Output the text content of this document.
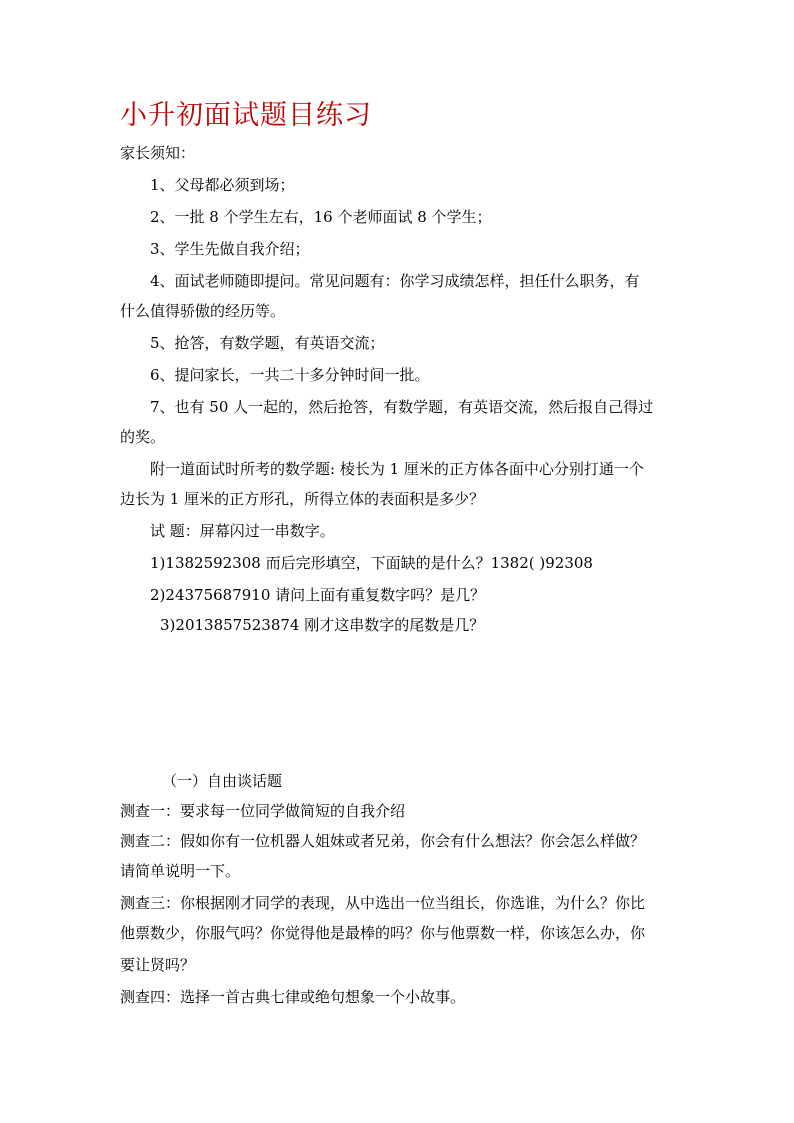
小升初面试题目练习
家长须知：
1、父母都必须到场；
2、一批 8 个学生左右，16 个老师面试 8 个学生；
3、学生先做自我介绍；
4、面试老师随即提问。常见问题有：你学习成绩怎样，担任什么职务，有
什么值得骄傲的经历等。
5、抢答，有数学题，有英语交流；
6、提问家长，一共二十多分钟时间一批。
7、也有 50 人一起的，然后抢答，有数学题，有英语交流，然后报自己得过
的奖。
附一道面试时所考的数学题: 棱长为 1 厘米的正方体各面中心分别打通一个
边长为 1 厘米的正方形孔，所得立体的表面积是多少？
试 题：屏幕闪过一串数字。
1)1382592308 而后完形填空，下面缺的是什么？1382( )92308
2)24375687910 请问上面有重复数字吗？是几？
3)2013857523874 刚才这串数字的尾数是几？
（一）自由谈话题
测查一：要求每一位同学做简短的自我介绍
测查二：假如你有一位机器人姐妹或者兄弟，你会有什么想法？你会怎么样做？
请简单说明一下。
测查三：你根据刚才同学的表现，从中选出一位当组长，你选谁，为什么？你比
他票数少，你服气吗？你觉得他是最棒的吗？你与他票数一样，你该怎么办，你
要让贤吗？
测查四：选择一首古典七律或绝句想象一个小故事。
